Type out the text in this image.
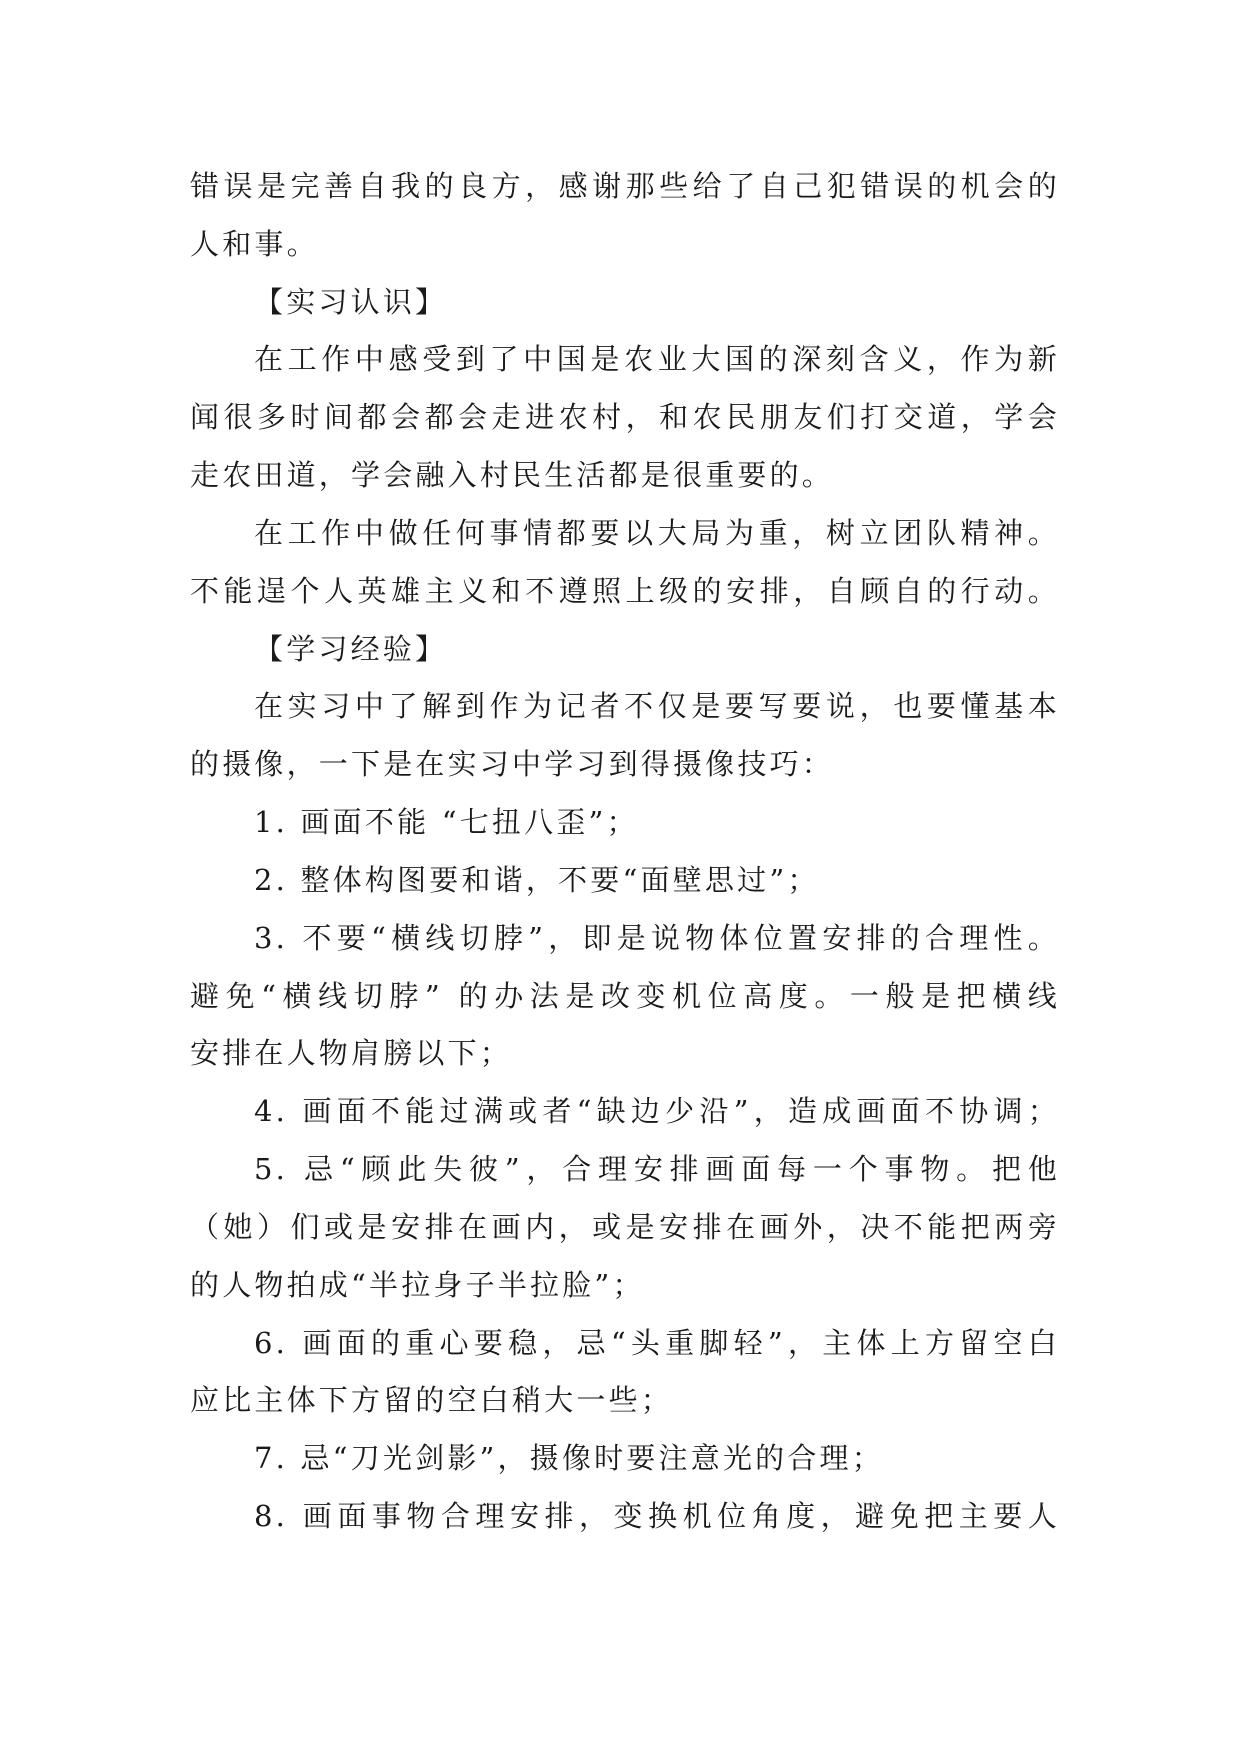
错误是完善自我的良方，感谢那些给了自己犯错误的机会的
人和事。
【实习认识】
在工作中感受到了中国是农业大国的深刻含义，作为新
闻很多时间都会都会走进农村，和农民朋友们打交道，学会
走农田道，学会融入村民生活都是很重要的。
在工作中做任何事情都要以大局为重，树立团队精神。
不能逞个人英雄主义和不遵照上级的安排，自顾自的行动。
【学习经验】
在实习中了解到作为记者不仅是要写要说，也要懂基本
的摄像，一下是在实习中学习到得摄像技巧：
1. 画面不能 “七扭八歪”；
2. 整体构图要和谐，不要“面壁思过”；
3. 不要“横线切脖”，即是说物体位置安排的合理性。
避免“横线切脖” 的办法是改变机位高度。一般是把横线
安排在人物肩膀以下；
4. 画面不能过满或者“缺边少沿”，造成画面不协调；
5. 忌“顾此失彼”，合理安排画面每一个事物。把他
（她）们或是安排在画内，或是安排在画外，决不能把两旁
的人物拍成“半拉身子半拉脸”；
6. 画面的重心要稳，忌“头重脚轻”，主体上方留空白
应比主体下方留的空白稍大一些；
7. 忌“刀光剑影”，摄像时要注意光的合理；
8. 画面事物合理安排，变换机位角度，避免把主要人
